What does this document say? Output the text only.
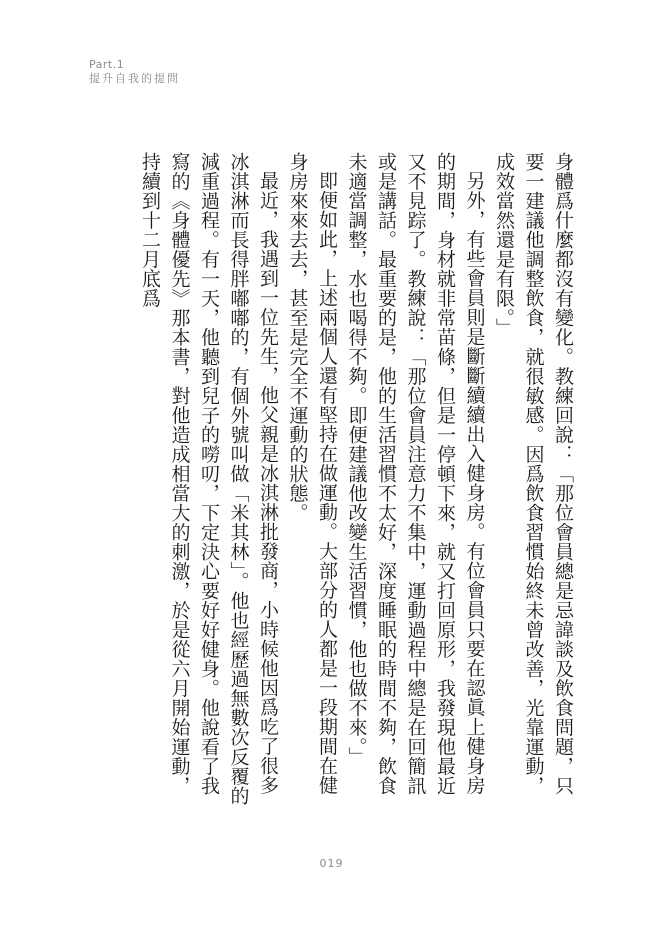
Part.1
提升自我的提問

身體爲什麼都沒有變化。教練回說：「那位會員總是忌諱談及飲食問題，只要一建議他調整飲食，就很敏感。因爲飲食習慣始終未曾改善，光靠運動，成效當然還是有限。」

另外，有些會員則是斷斷續續出入健身房。有位會員只要在認眞上健身房的期間，身材就非常苗條，但是一停頓下來，就又打回原形，我發現他最近又不見踪了。教練說：「那位會員注意力不集中，運動過程中總是在回簡訊或是講話。最重要的是，他的生活習慣不太好，深度睡眠的時間不夠，飲食未適當調整，水也喝得不夠。即便建議他改變生活習慣，他也做不來。」

即便如此，上述兩個人還有堅持在做運動。大部分的人都是一段期間在健身房來來去去，甚至是完全不運動的狀態。

最近，我遇到一位先生，他父親是冰淇淋批發商，小時候他因爲吃了很多冰淇淋而長得胖嘟嘟的，有個外號叫做「米其林」。他也經歷過無數次反覆的減重過程。有一天，他聽到兒子的嘮叨，下定決心要好好健身。他說看了我寫的《身體優先》那本書，對他造成相當大的刺激，於是從六月開始運動，持續到十二月底爲

019
